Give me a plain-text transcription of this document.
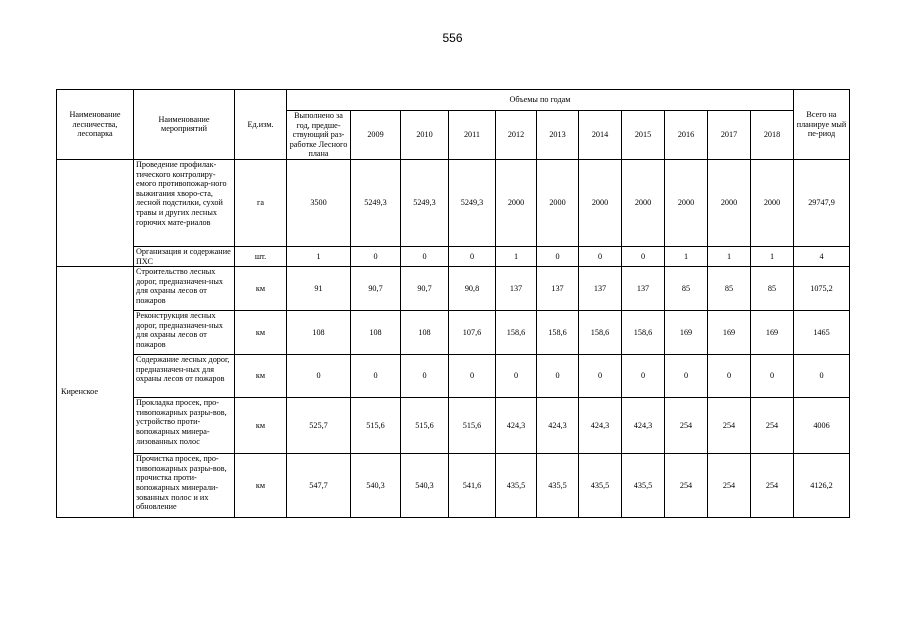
556
Наименование лесничества, лесопарка	Наименование мероприятий	Ед.изм.	Объемы по годам											Всего на планируе мый пе-риод
			Выполнено за год, предше-ствующий раз-работке Лесного плана	2009	2010	2011	2012	2013	2014	2015	2016	2017	2018	
	Проведение профилак-тического контролиру-емого противопожар-ного выжигания хворо-ста, лесной подстилки, сухой травы и других лесных горючих мате-риалов	га	3500	5249,3	5249,3	5249,3	2000	2000	2000	2000	2000	2000	2000	29747,9
	Организация и содержание ПХС	шт.	1	0	0	0	1	0	0	0	1	1	1	4
Киренское	Строительство лесных дорог, предназначен-ных для охраны лесов от пожаров	км	91	90,7	90,7	90,8	137	137	137	137	85	85	85	1075,2
	Реконструкция лесных дорог, предназначен-ных для охраны лесов от пожаров	км	108	108	108	107,6	158,6	158,6	158,6	158,6	169	169	169	1465
	Содержание лесных дорог, предназначен-ных для охраны лесов от пожаров	км	0	0	0	0	0	0	0	0	0	0	0	0
	Прокладка просек, про-тивопожарных разры-вов, устройство проти-вопожарных минера-лизованных полос	км	525,7	515,6	515,6	515,6	424,3	424,3	424,3	424,3	254	254	254	4006
	Прочистка просек, про-тивопожарных разры-вов, прочистка проти-вопожарных минерали-зованных полос и их обновление	км	547,7	540,3	540,3	541,6	435,5	435,5	435,5	435,5	254	254	254	4126,2
